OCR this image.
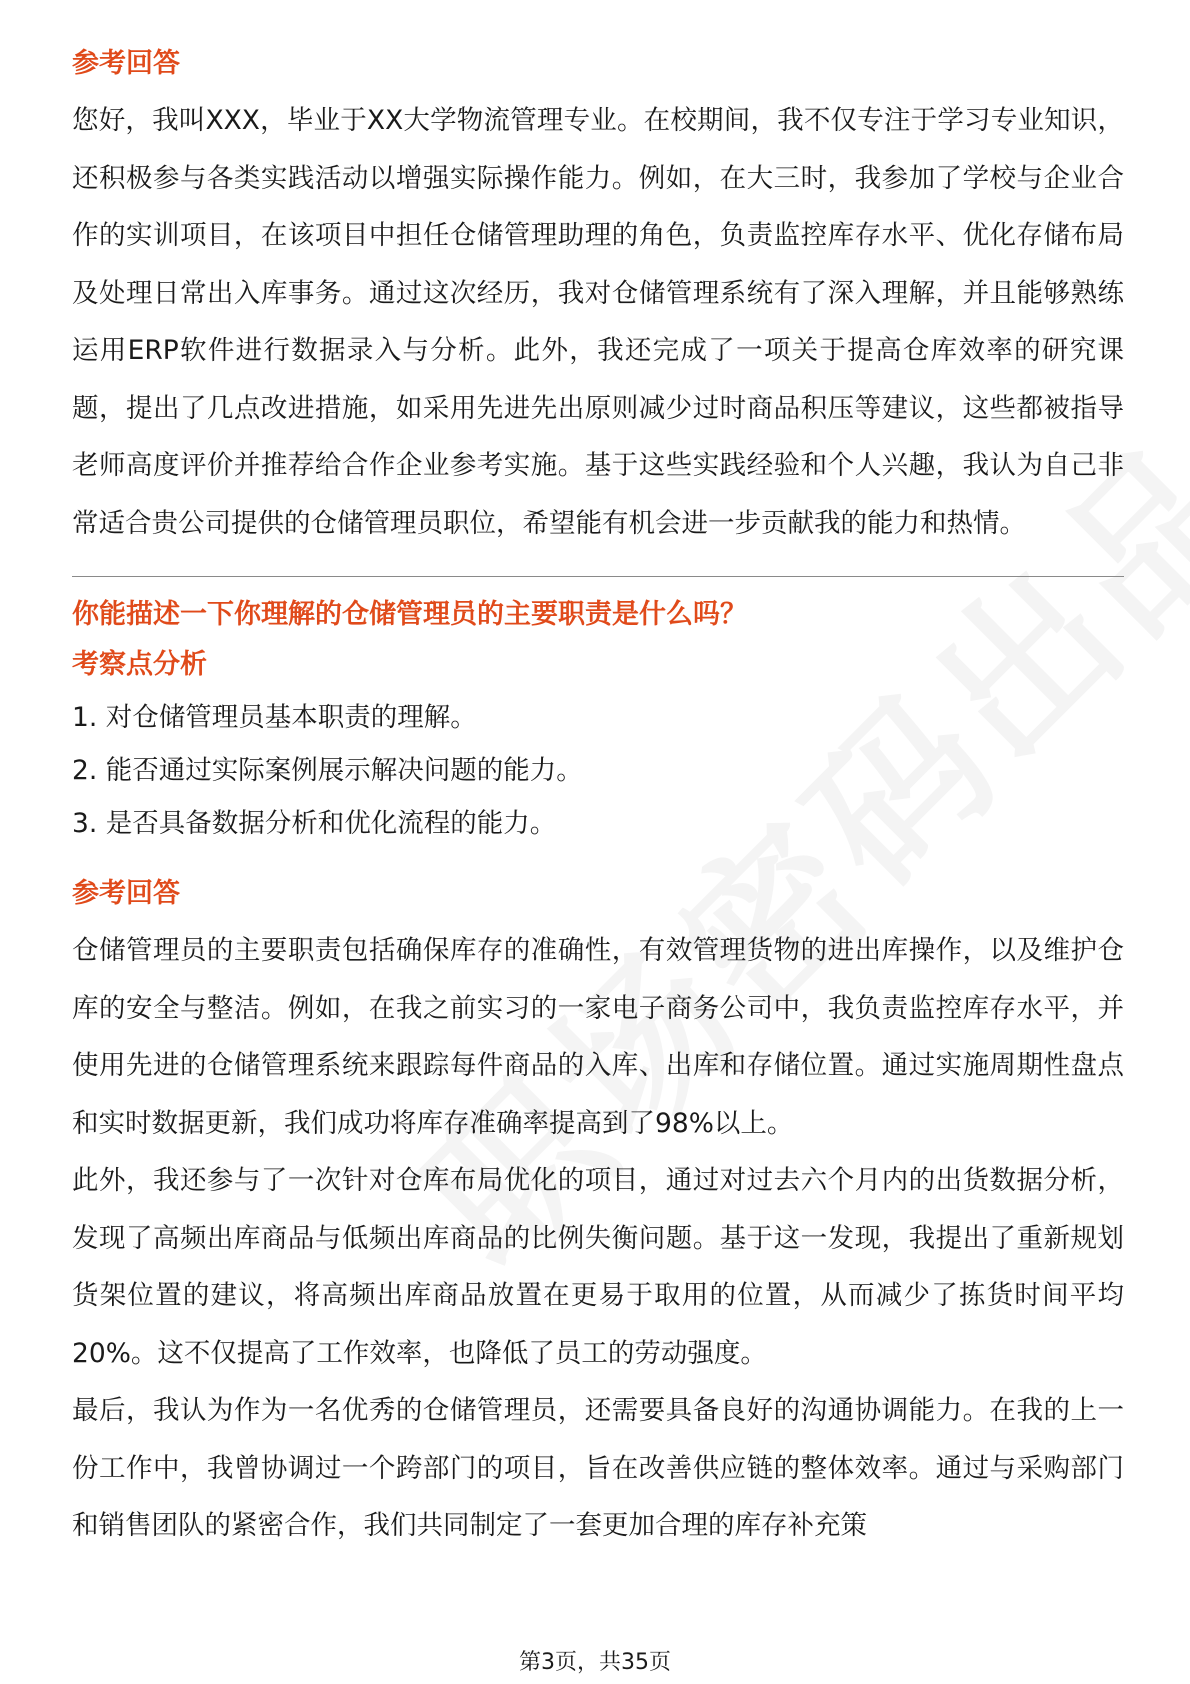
参考回答

您好，我叫XXX，毕业于XX大学物流管理专业。在校期间，我不仅专注于学习专业知识，还积极参与各类实践活动以增强实际操作能力。例如，在大三时，我参加了学校与企业合作的实训项目，在该项目中担任仓储管理助理的角色，负责监控库存水平、优化存储布局及处理日常出入库事务。通过这次经历，我对仓储管理系统有了深入理解，并且能够熟练运用ERP软件进行数据录入与分析。此外，我还完成了一项关于提高仓库效率的研究课题，提出了几点改进措施，如采用先进先出原则减少过时商品积压等建议，这些都被指导老师高度评价并推荐给合作企业参考实施。基于这些实践经验和个人兴趣，我认为自己非常适合贵公司提供的仓储管理员职位，希望能有机会进一步贡献我的能力和热情。

你能描述一下你理解的仓储管理员的主要职责是什么吗？
考察点分析
1. 对仓储管理员基本职责的理解。
2. 能否通过实际案例展示解决问题的能力。
3. 是否具备数据分析和优化流程的能力。
参考回答

仓储管理员的主要职责包括确保库存的准确性，有效管理货物的进出库操作，以及维护仓库的安全与整洁。例如，在我之前实习的一家电子商务公司中，我负责监控库存水平，并使用先进的仓储管理系统来跟踪每件商品的入库、出库和存储位置。通过实施周期性盘点和实时数据更新，我们成功将库存准确率提高到了98%以上。

此外，我还参与了一次针对仓库布局优化的项目，通过对过去六个月内的出货数据分析，发现了高频出库商品与低频出库商品的比例失衡问题。基于这一发现，我提出了重新规划货架位置的建议，将高频出库商品放置在更易于取用的位置，从而减少了拣货时间平均20%。这不仅提高了工作效率，也降低了员工的劳动强度。

最后，我认为作为一名优秀的仓储管理员，还需要具备良好的沟通协调能力。在我的上一份工作中，我曾协调过一个跨部门的项目，旨在改善供应链的整体效率。通过与采购部门和销售团队的紧密合作，我们共同制定了一套更加合理的库存补充策

第3页，共35页
